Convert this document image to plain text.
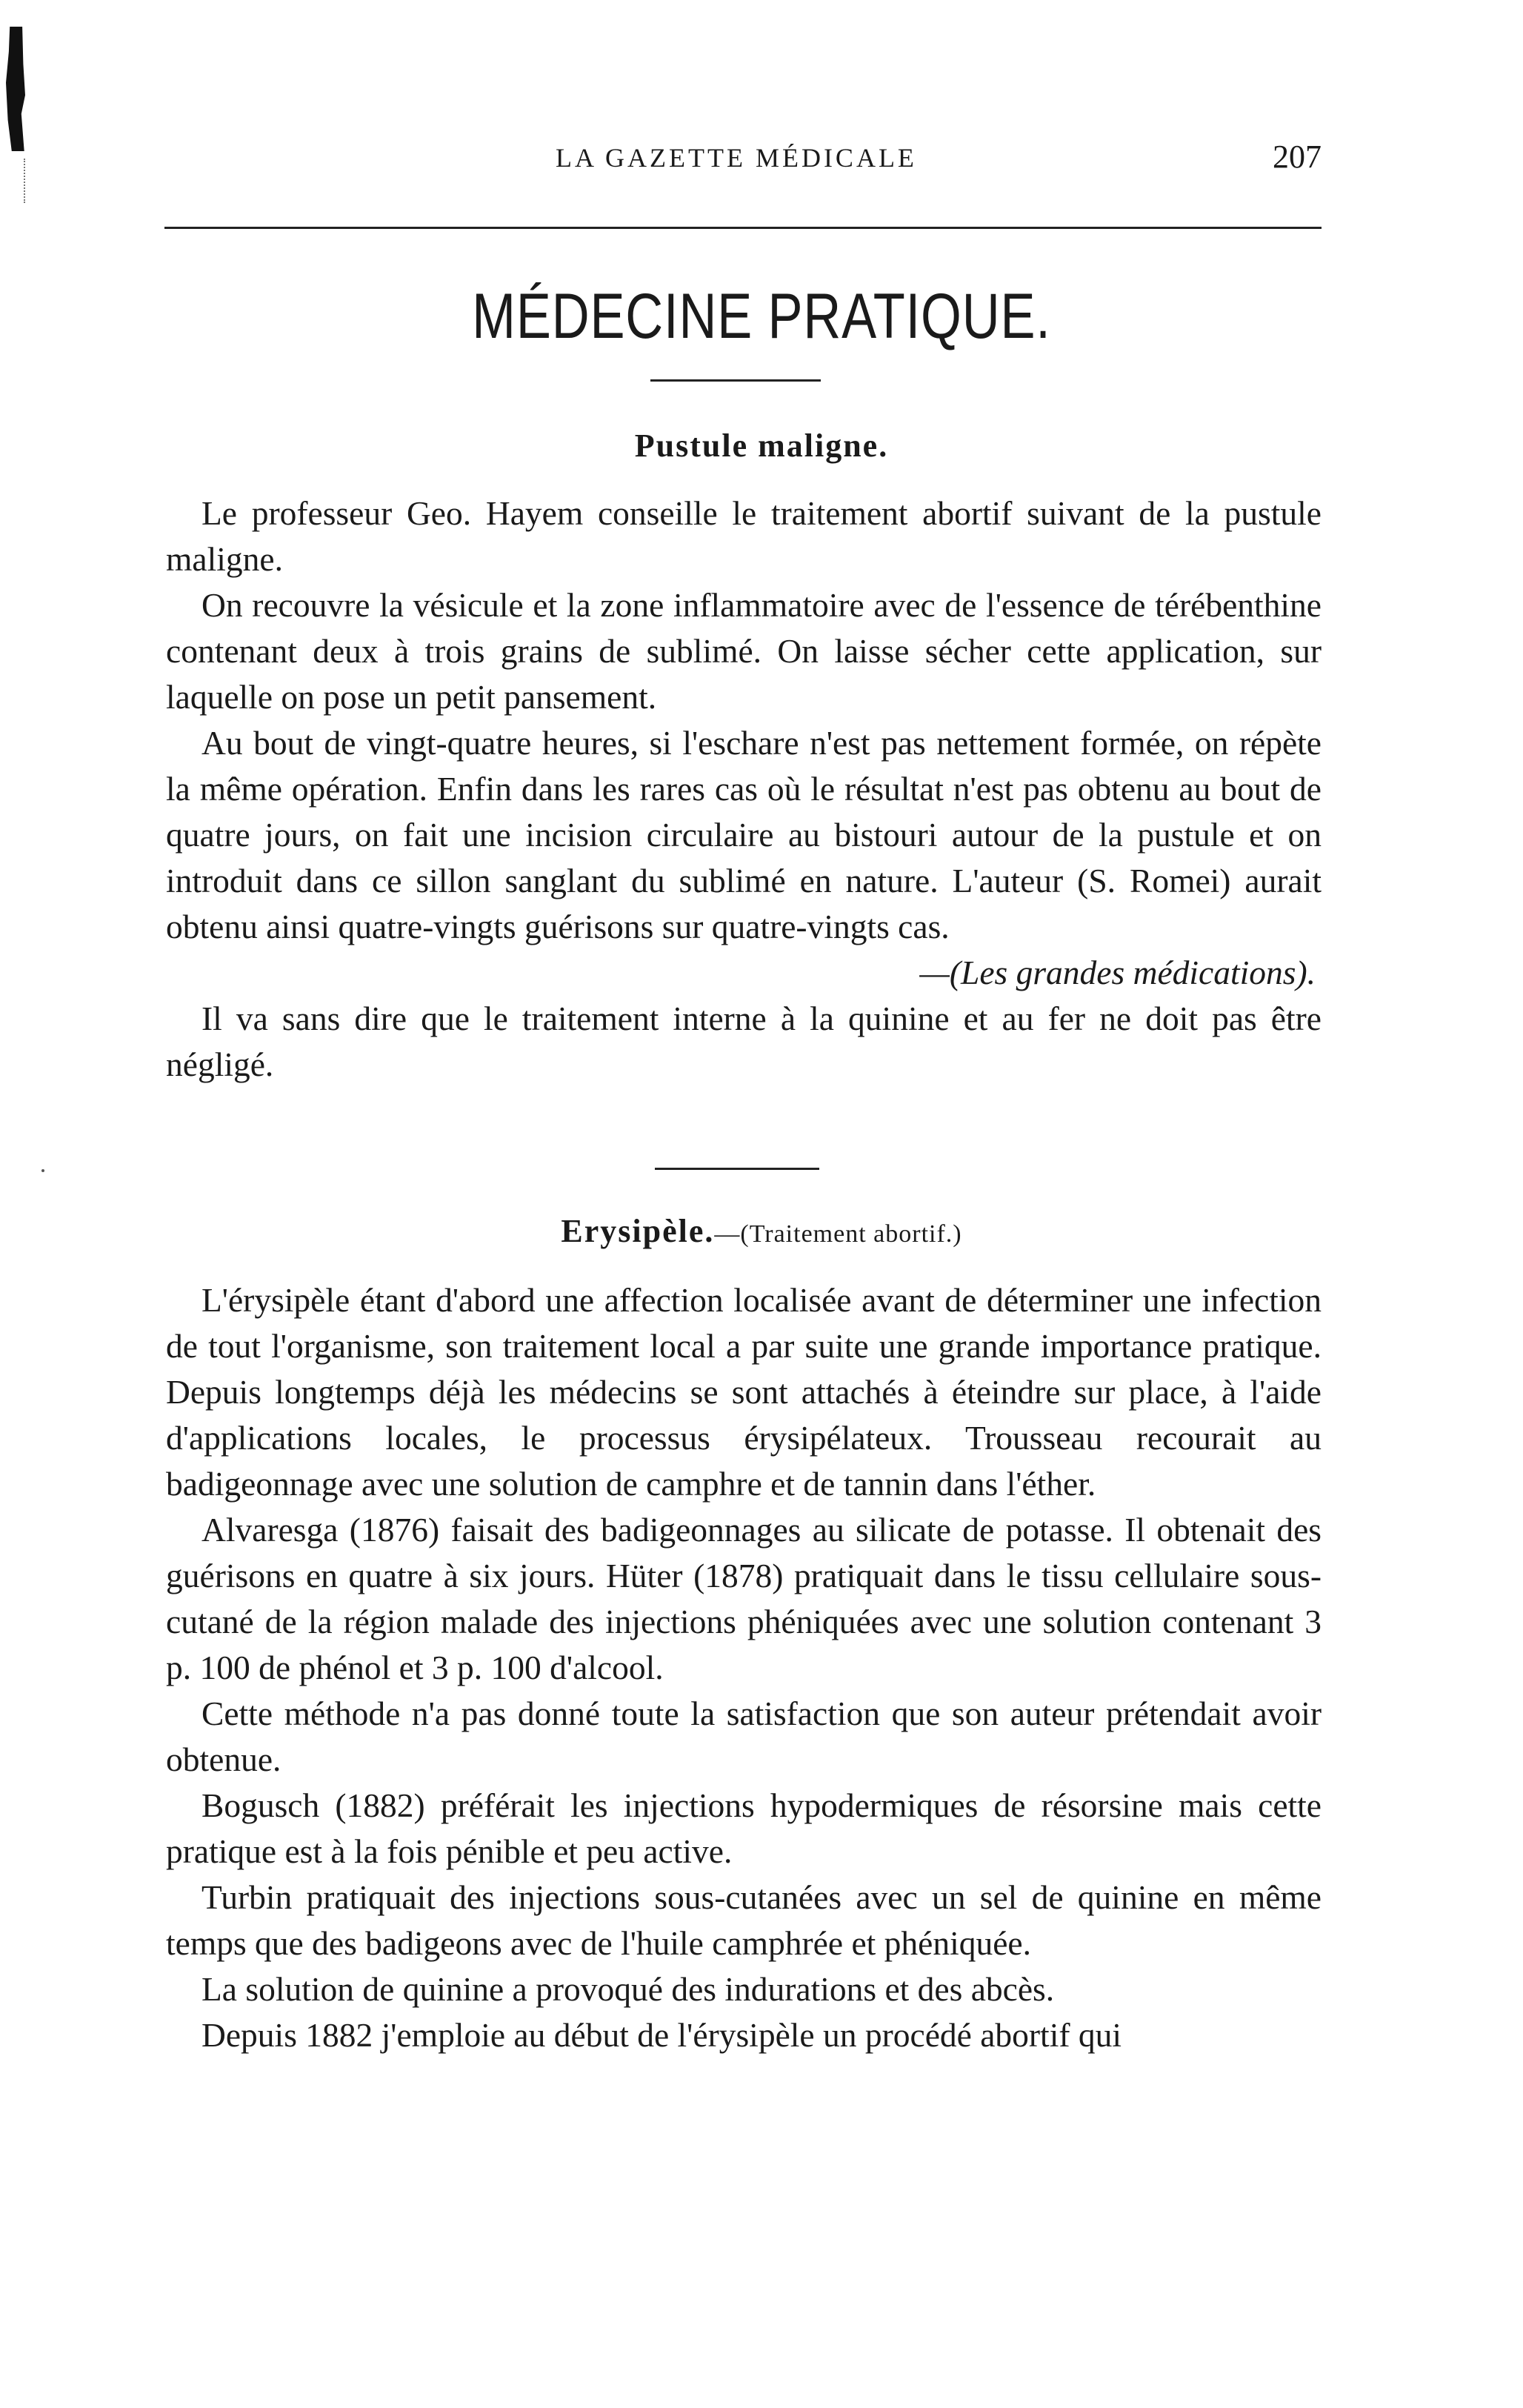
LA GAZETTE MÉDICALE	207
MÉDECINE PRATIQUE.
Pustule maligne.

Le professeur Geo. Hayem conseille le traitement abortif suivant de la pustule maligne.

On recouvre la vésicule et la zone inflammatoire avec de l'essence de térébenthine contenant deux à trois grains de sublimé. On laisse sécher cette application, sur laquelle on pose un petit pansement.

Au bout de vingt-quatre heures, si l'eschare n'est pas nettement formée, on répète la même opération. Enfin dans les rares cas où le résultat n'est pas obtenu au bout de quatre jours, on fait une incision circulaire au bistouri autour de la pustule et on introduit dans ce sillon sanglant du sublimé en nature. L'auteur (S. Romei) aurait obtenu ainsi quatre-vingts guérisons sur quatre-vingts cas.

—(Les grandes médications).

Il va sans dire que le traitement interne à la quinine et au fer ne doit pas être négligé.

Erysipèle.—(Traitement abortif.)

L'érysipèle étant d'abord une affection localisée avant de déterminer une infection de tout l'organisme, son traitement local a par suite une grande importance pratique. Depuis longtemps déjà les médecins se sont attachés à éteindre sur place, à l'aide d'applications locales, le processus érysipélateux. Trousseau recourait au badigeonnage avec une solution de camphre et de tannin dans l'éther.

Alvaresga (1876) faisait des badigeonnages au silicate de potasse. Il obtenait des guérisons en quatre à six jours. Hüter (1878) pratiquait dans le tissu cellulaire sous-cutané de la région malade des injections phéniquées avec une solution contenant 3 p. 100 de phénol et 3 p. 100 d'alcool.

Cette méthode n'a pas donné toute la satisfaction que son auteur prétendait avoir obtenue.

Bogusch (1882) préférait les injections hypodermiques de résorsine mais cette pratique est à la fois pénible et peu active.

Turbin pratiquait des injections sous-cutanées avec un sel de quinine en même temps que des badigeons avec de l'huile camphrée et phéniquée.

La solution de quinine a provoqué des indurations et des abcès.

Depuis 1882 j'emploie au début de l'érysipèle un procédé abortif qui
